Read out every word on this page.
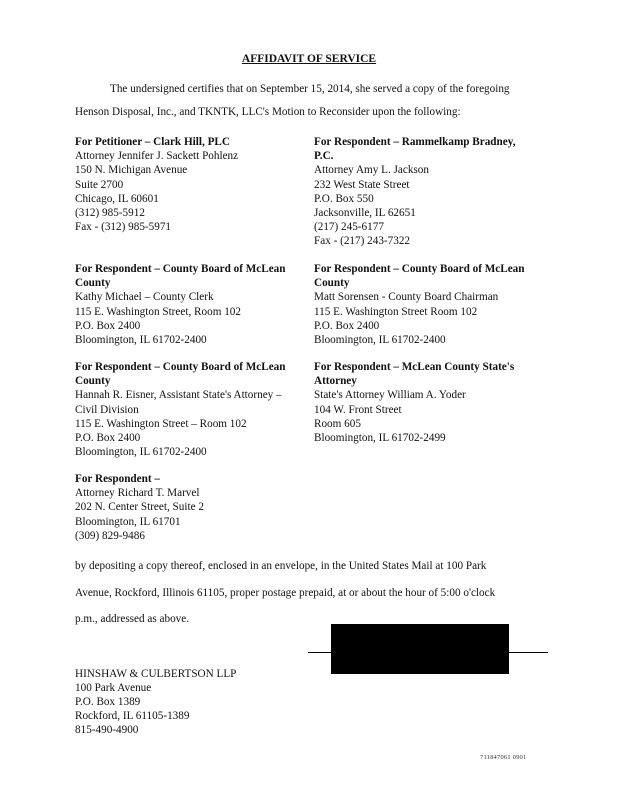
AFFIDAVIT OF SERVICE
The undersigned certifies that on September 15, 2014, she served a copy of the foregoing
Henson Disposal, Inc., and TKNTK, LLC's Motion to Reconsider upon the following:
For Petitioner – Clark Hill, PLC
Attorney Jennifer J. Sackett Pohlenz
150 N. Michigan Avenue
Suite 2700
Chicago, IL 60601
(312) 985-5912
Fax - (312) 985-5971
For Respondent – Rammelkamp Bradney,
P.C.
Attorney Amy L. Jackson
232 West State Street
P.O. Box 550
Jacksonville, IL 62651
(217) 245-6177
Fax - (217) 243-7322
For Respondent – County Board of McLean
County
Kathy Michael – County Clerk
115 E. Washington Street, Room 102
P.O. Box 2400
Bloomington, IL 61702-2400
For Respondent – County Board of McLean
County
Matt Sorensen - County Board Chairman
115 E. Washington Street Room 102
P.O. Box 2400
Bloomington, IL 61702-2400
For Respondent – County Board of McLean
County
Hannah R. Eisner, Assistant State's Attorney –
Civil Division
115 E. Washington Street – Room 102
P.O. Box 2400
Bloomington, IL 61702-2400
For Respondent – McLean County State's
Attorney
State's Attorney William A. Yoder
104 W. Front Street
Room 605
Bloomington, IL 61702-2499
For Respondent –
Attorney Richard T. Marvel
202 N. Center Street, Suite 2
Bloomington, IL 61701
(309) 829-9486
by depositing a copy thereof, enclosed in an envelope, in the United States Mail at 100 Park
Avenue, Rockford, Illinois 61105, proper postage prepaid, at or about the hour of 5:00 o'clock
p.m., addressed as above.
HINSHAW & CULBERTSON LLP
100 Park Avenue
P.O. Box 1389
Rockford, IL 61105-1389
815-490-4900
711847061 0901
